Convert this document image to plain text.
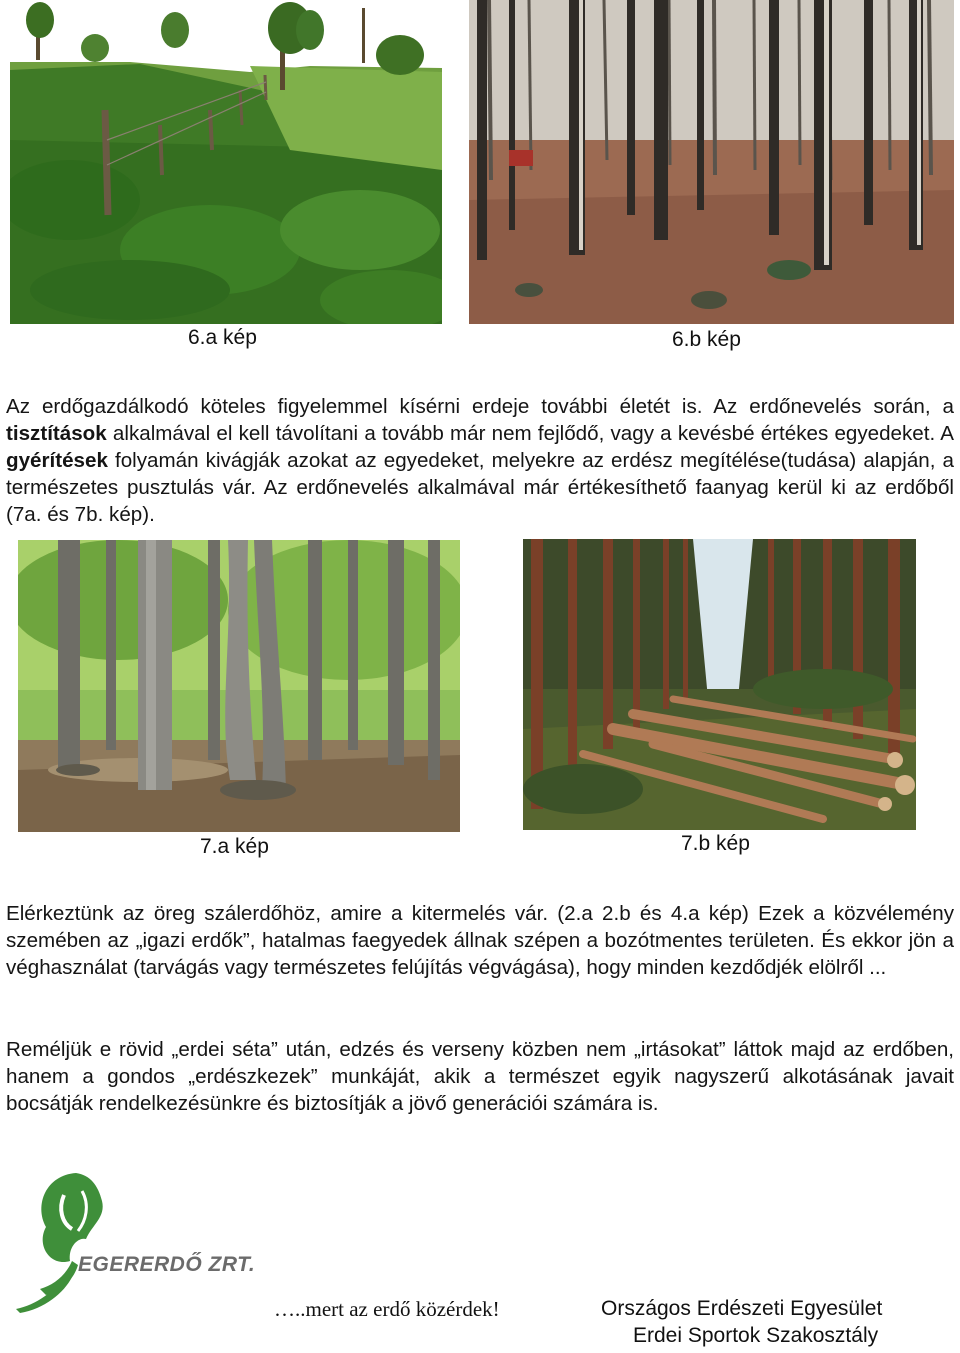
6.a kép	6.b kép

Az erdőgazdálkodó köteles figyelemmel kísérni erdeje további életét is. Az erdőnevelés során, a tisztítások alkalmával el kell távolítani a tovább már nem fejlődő, vagy a kevésbé értékes egyedeket. A gyérítések folyamán kivágják azokat az egyedeket, melyekre az erdész megítélése(tudása) alapján, a természetes pusztulás vár. Az erdőnevelés alkalmával már értékesíthető faanyag kerül ki az erdőből (7a. és 7b. kép).

7.a kép	7.b kép

Elérkeztünk az öreg szálerdőhöz, amire a kitermelés vár. (2.a 2.b és 4.a kép) Ezek a közvélemény szemében az „igazi erdők”, hatalmas faegyedek állnak szépen a bozótmentes területen. És ekkor jön a véghasználat (tarvágás vagy természetes felújítás végvágása), hogy minden kezdődjék elölről ...

Reméljük e rövid „erdei séta” után, edzés és verseny közben nem „irtásokat” láttok majd az erdőben, hanem a gondos „erdészkezek” munkáját, akik a természet egyik nagyszerű alkotásának javait bocsátják rendelkezésünkre és biztosítják a jövő generációi számára is.

EGERERDŐ ZRT.
…..mert az erdő közérdek!	Országos Erdészeti Egyesület
Erdei Sportok Szakosztály
